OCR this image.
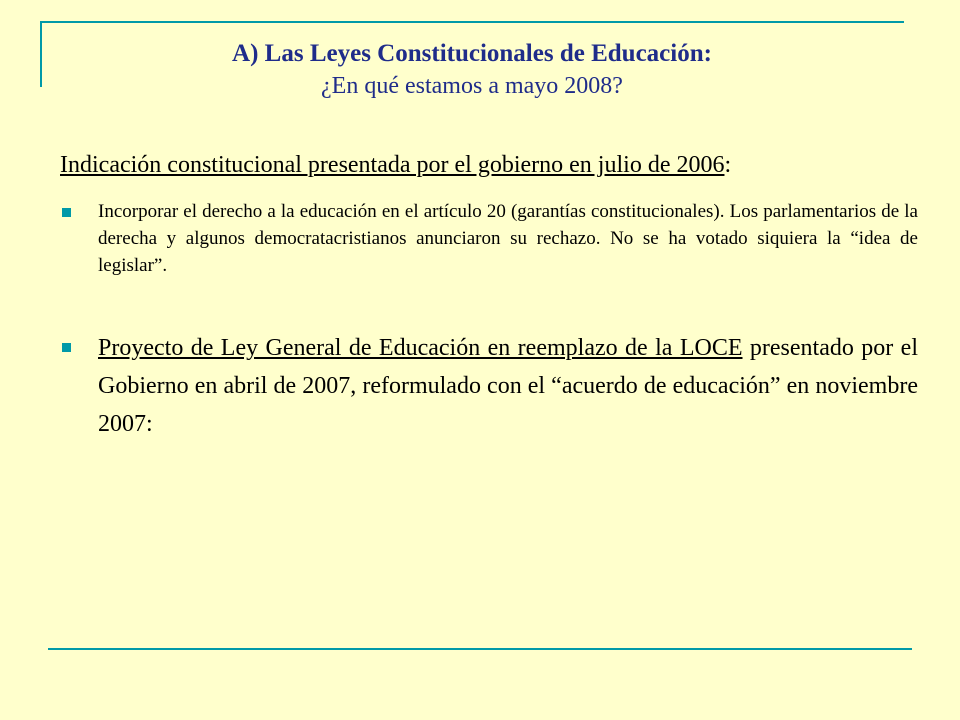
A) Las Leyes Constitucionales de Educación:
¿En qué estamos a mayo 2008?
Indicación constitucional presentada por el gobierno en julio de 2006:
Incorporar el derecho a la educación en el artículo 20 (garantías constitucionales). Los parlamentarios de la derecha y algunos democratacristianos anunciaron su rechazo. No se ha votado siquiera la “idea de legislar”.
Proyecto de Ley General de Educación en reemplazo de la LOCE presentado por el Gobierno en abril de 2007, reformulado con el “acuerdo de educación” en noviembre 2007:
